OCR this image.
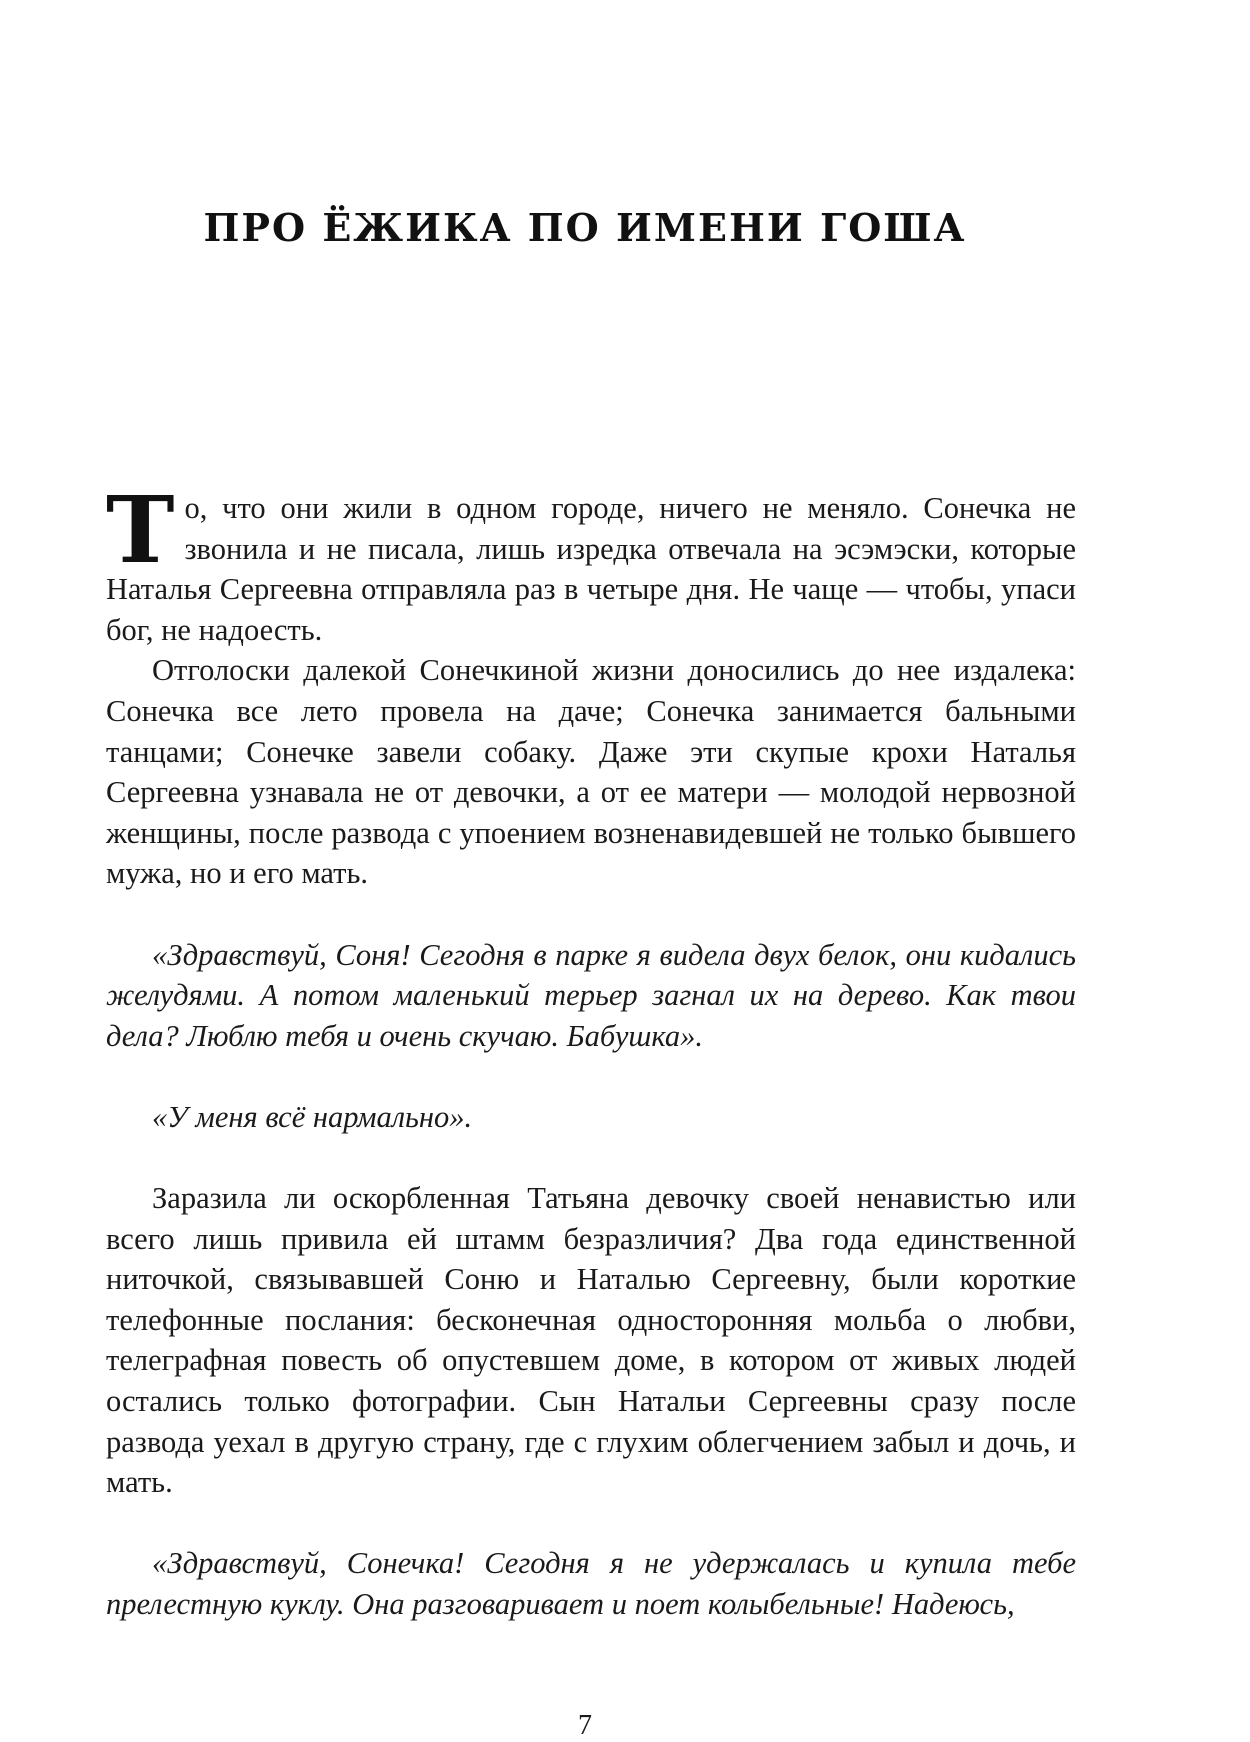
ПРО ЁЖИКА ПО ИМЕНИ ГОША

То, что они жили в одном городе, ничего не меняло. Сонечка не звонила и не писала, лишь изредка отвечала на эсэмэски, которые Наталья Сергеевна отправляла раз в четыре дня. Не чаще — чтобы, упаси бог, не надоесть.

Отголоски далекой Сонечкиной жизни доносились до нее издалека: Сонечка все лето провела на даче; Сонечка занимается бальными танцами; Сонечке завели собаку. Даже эти скупые крохи Наталья Сергеевна узнавала не от девочки, а от ее матери — молодой нервозной женщины, после развода с упоением возненавидевшей не только бывшего мужа, но и его мать.

«Здравствуй, Соня! Сегодня в парке я видела двух белок, они кидались желудями. А потом маленький терьер загнал их на дерево. Как твои дела? Люблю тебя и очень скучаю. Бабушка».

«У меня всё нармально».

Заразила ли оскорбленная Татьяна девочку своей ненавистью или всего лишь привила ей штамм безразличия? Два года единственной ниточкой, связывавшей Соню и Наталью Сергеевну, были короткие телефонные послания: бесконечная односторонняя мольба о любви, телеграфная повесть об опустевшем доме, в котором от живых людей остались только фотографии. Сын Натальи Сергеевны сразу после развода уехал в другую страну, где с глухим облегчением забыл и дочь, и мать.

«Здравствуй, Сонечка! Сегодня я не удержалась и купила тебе прелестную куклу. Она разговаривает и поет колыбельные! Надеюсь,

7
